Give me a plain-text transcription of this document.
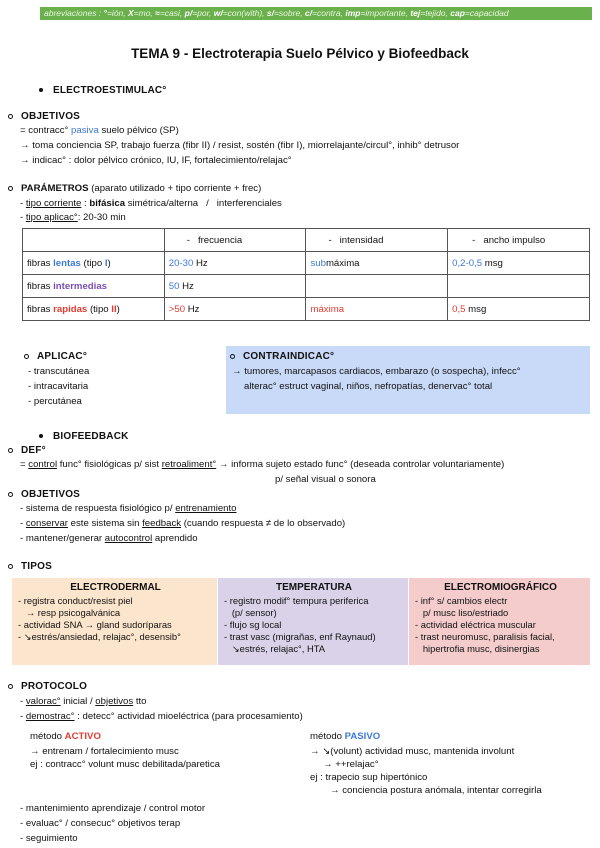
abreviaciones : °=ión, X=mo, ≈=casi, p/=por, w/=con(with), s/=sobre, c/=contra, imp=importante, tej=tejido, cap=capacidad
TEMA 9 - Electroterapia Suelo Pélvico y Biofeedback
ELECTROESTIMULAC°
OBJETIVOS
= contracc° pasiva suelo pélvico (SP)
→ toma conciencia SP, trabajo fuerza (fibr II) / resist, sostén (fibr I), miorrelajante/circul°, inhib° detrusor
→ indicac° : dolor pélvico crónico, IU, IF, fortalecimiento/relajac°
PARÁMETROS (aparato utilizado + tipo corriente + frec)
- tipo corriente : bifásica simétrica/alterna   /   interferenciales
- tipo aplicac°: 20-30 min
	-   frecuencia	-   intensidad	-   ancho impulso
fibras lentas (tipo I)	20-30 Hz	submáxima	0,2-0,5 msg
fibras intermedias	50 Hz		
fibras rapidas (tipo II)	>50 Hz	máxima	0,5 msg
APLICAC°
- transcutánea
- intracavitaria
- percutánea
CONTRAINDICAC°
→ tumores, marcapasos cardiacos, embarazo (o sospecha), infecc°
alterac° estruct vaginal, niños, nefropatías, denervac° total
BIOFEEDBACK
DEF°
= control func° fisiológicas p/ sist retroaliment° → informa sujeto estado func° (deseada controlar voluntariamente)
p/ señal visual o sonora
OBJETIVOS
- sistema de respuesta fisiológico p/ entrenamiento
- conservar este sistema sin feedback (cuando respuesta ≠ de lo observado)
- mantener/generar autocontrol aprendido
TIPOS
ELECTRODERMAL
- registra conduct/resist piel
→ resp psicogalvánica
- actividad SNA → gland sudoríparas
- ↘estrés/ansiedad, relajac°, desensib°
TEMPERATURA
- registro modif° tempura periferica
(p/ sensor)
- flujo sg local
- trast vasc (migrañas, enf Raynaud)
↘estrés, relajac°, HTA
ELECTROMIOGRÁFICO
- inf° s/ cambios electr
p/ musc liso/estriado
- actividad eléctrica muscular
- trast neuromusc, paralisis facial,
hipertrofia musc, disinergias
PROTOCOLO
- valorac° inicial / objetivos tto
- demostrac° : detecc° actividad mioeléctrica (para procesamiento)
método ACTIVO
→ entrenam / fortalecimiento musc
ej : contracc° volunt musc debilitada/paretica
método PASIVO
→ ↘(volunt) actividad musc, mantenida involunt
→ ++relajac°
ej : trapecio sup hipertónico
→ conciencia postura anómala, intentar corregirla
- mantenimiento aprendizaje / control motor
- evaluac° / consecuc° objetivos terap
- seguimiento
